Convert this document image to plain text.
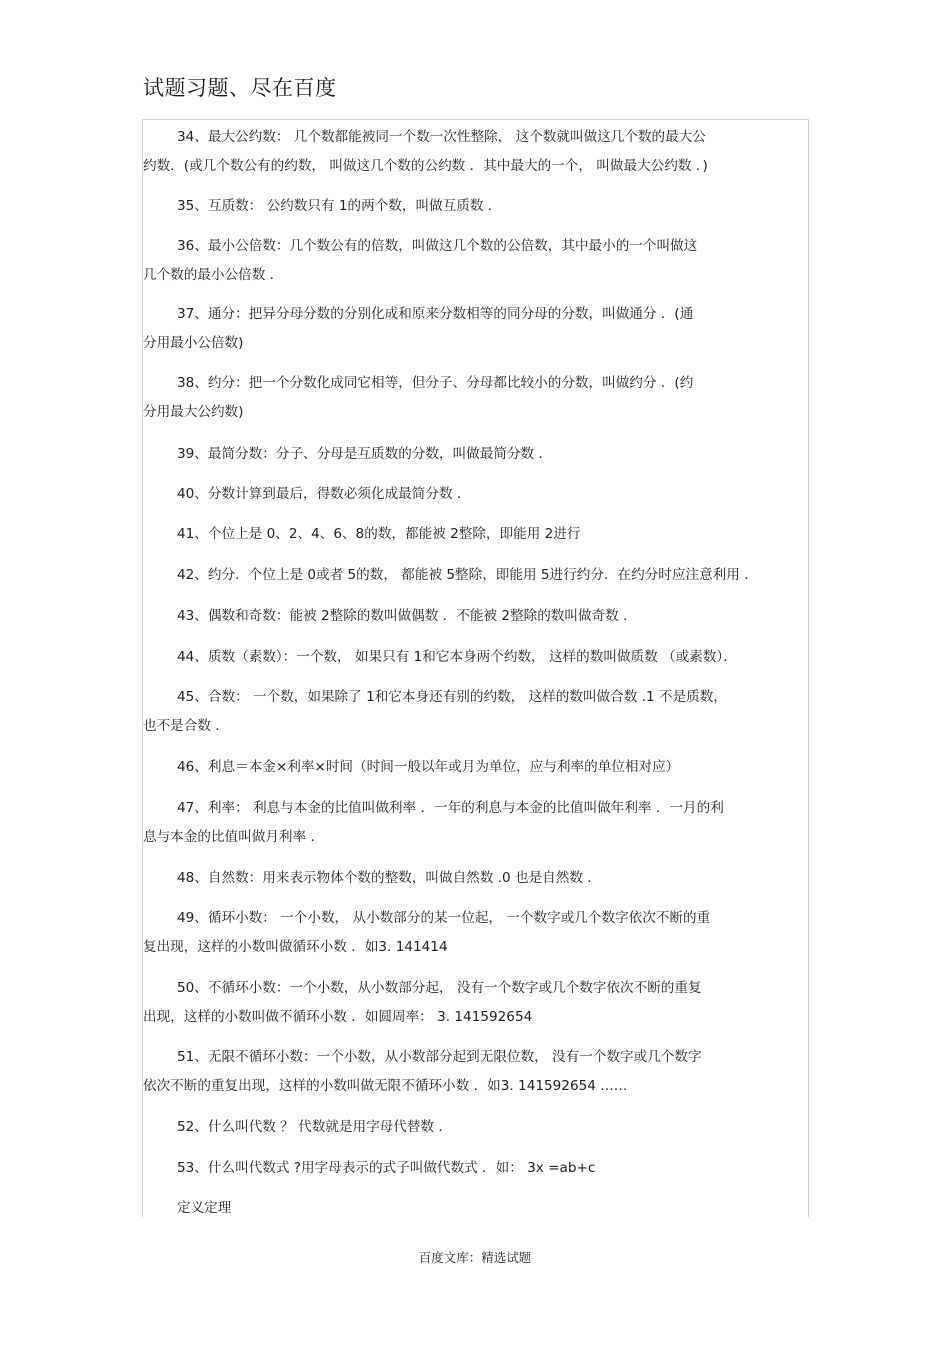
试题习题、尽在百度
34、最大公约数： 几个数都能被同一个数一次性整除， 这个数就叫做这几个数的最大公
约数．(或几个数公有的约数， 叫做这几个数的公约数 ．其中最大的一个， 叫做最大公约数 ．)
35、互质数： 公约数只有 1的两个数，叫做互质数 ．
36、最小公倍数：几个数公有的倍数，叫做这几个数的公倍数，其中最小的一个叫做这
几个数的最小公倍数 ．
37、通分：把异分母分数的分别化成和原来分数相等的同分母的分数，叫做通分 ．(通
分用最小公倍数)
38、约分：把一个分数化成同它相等，但分子、分母都比较小的分数，叫做约分 ．(约
分用最大公约数)
39、最简分数：分子、分母是互质数的分数，叫做最简分数 ．
40、分数计算到最后，得数必须化成最简分数 ．
41、个位上是 0、2、4、6、8的数，都能被 2整除，即能用 2进行
42、约分．个位上是 0或者 5的数， 都能被 5整除，即能用 5进行约分．在约分时应注意利用 ．
43、偶数和奇数：能被 2整除的数叫做偶数 ．不能被 2整除的数叫做奇数 ．
44、质数（素数）：一个数， 如果只有 1和它本身两个约数， 这样的数叫做质数 （或素数）．
45、合数： 一个数，如果除了 1和它本身还有别的约数， 这样的数叫做合数 .1 不是质数，
也不是合数 ．
46、利息＝本金×利率×时间（时间一般以年或月为单位，应与利率的单位相对应）
47、利率： 利息与本金的比值叫做利率 ．一年的利息与本金的比值叫做年利率 ．一月的利
息与本金的比值叫做月利率 ．
48、自然数：用来表示物体个数的整数，叫做自然数 .0 也是自然数 ．
49、循环小数： 一个小数， 从小数部分的某一位起， 一个数字或几个数字依次不断的重
复出现，这样的小数叫做循环小数 ．如3. 141414
50、不循环小数：一个小数，从小数部分起， 没有一个数字或几个数字依次不断的重复
出现，这样的小数叫做不循环小数 ．如圆周率： 3. 141592654
51、无限不循环小数：一个小数，从小数部分起到无限位数， 没有一个数字或几个数字
依次不断的重复出现，这样的小数叫做无限不循环小数 ．如3. 141592654 ……
52、什么叫代数 ？ 代数就是用字母代替数 ．
53、什么叫代数式 ?用字母表示的式子叫做代数式 ．如： 3x =ab+c
定义定理
百度文库：精选试题
